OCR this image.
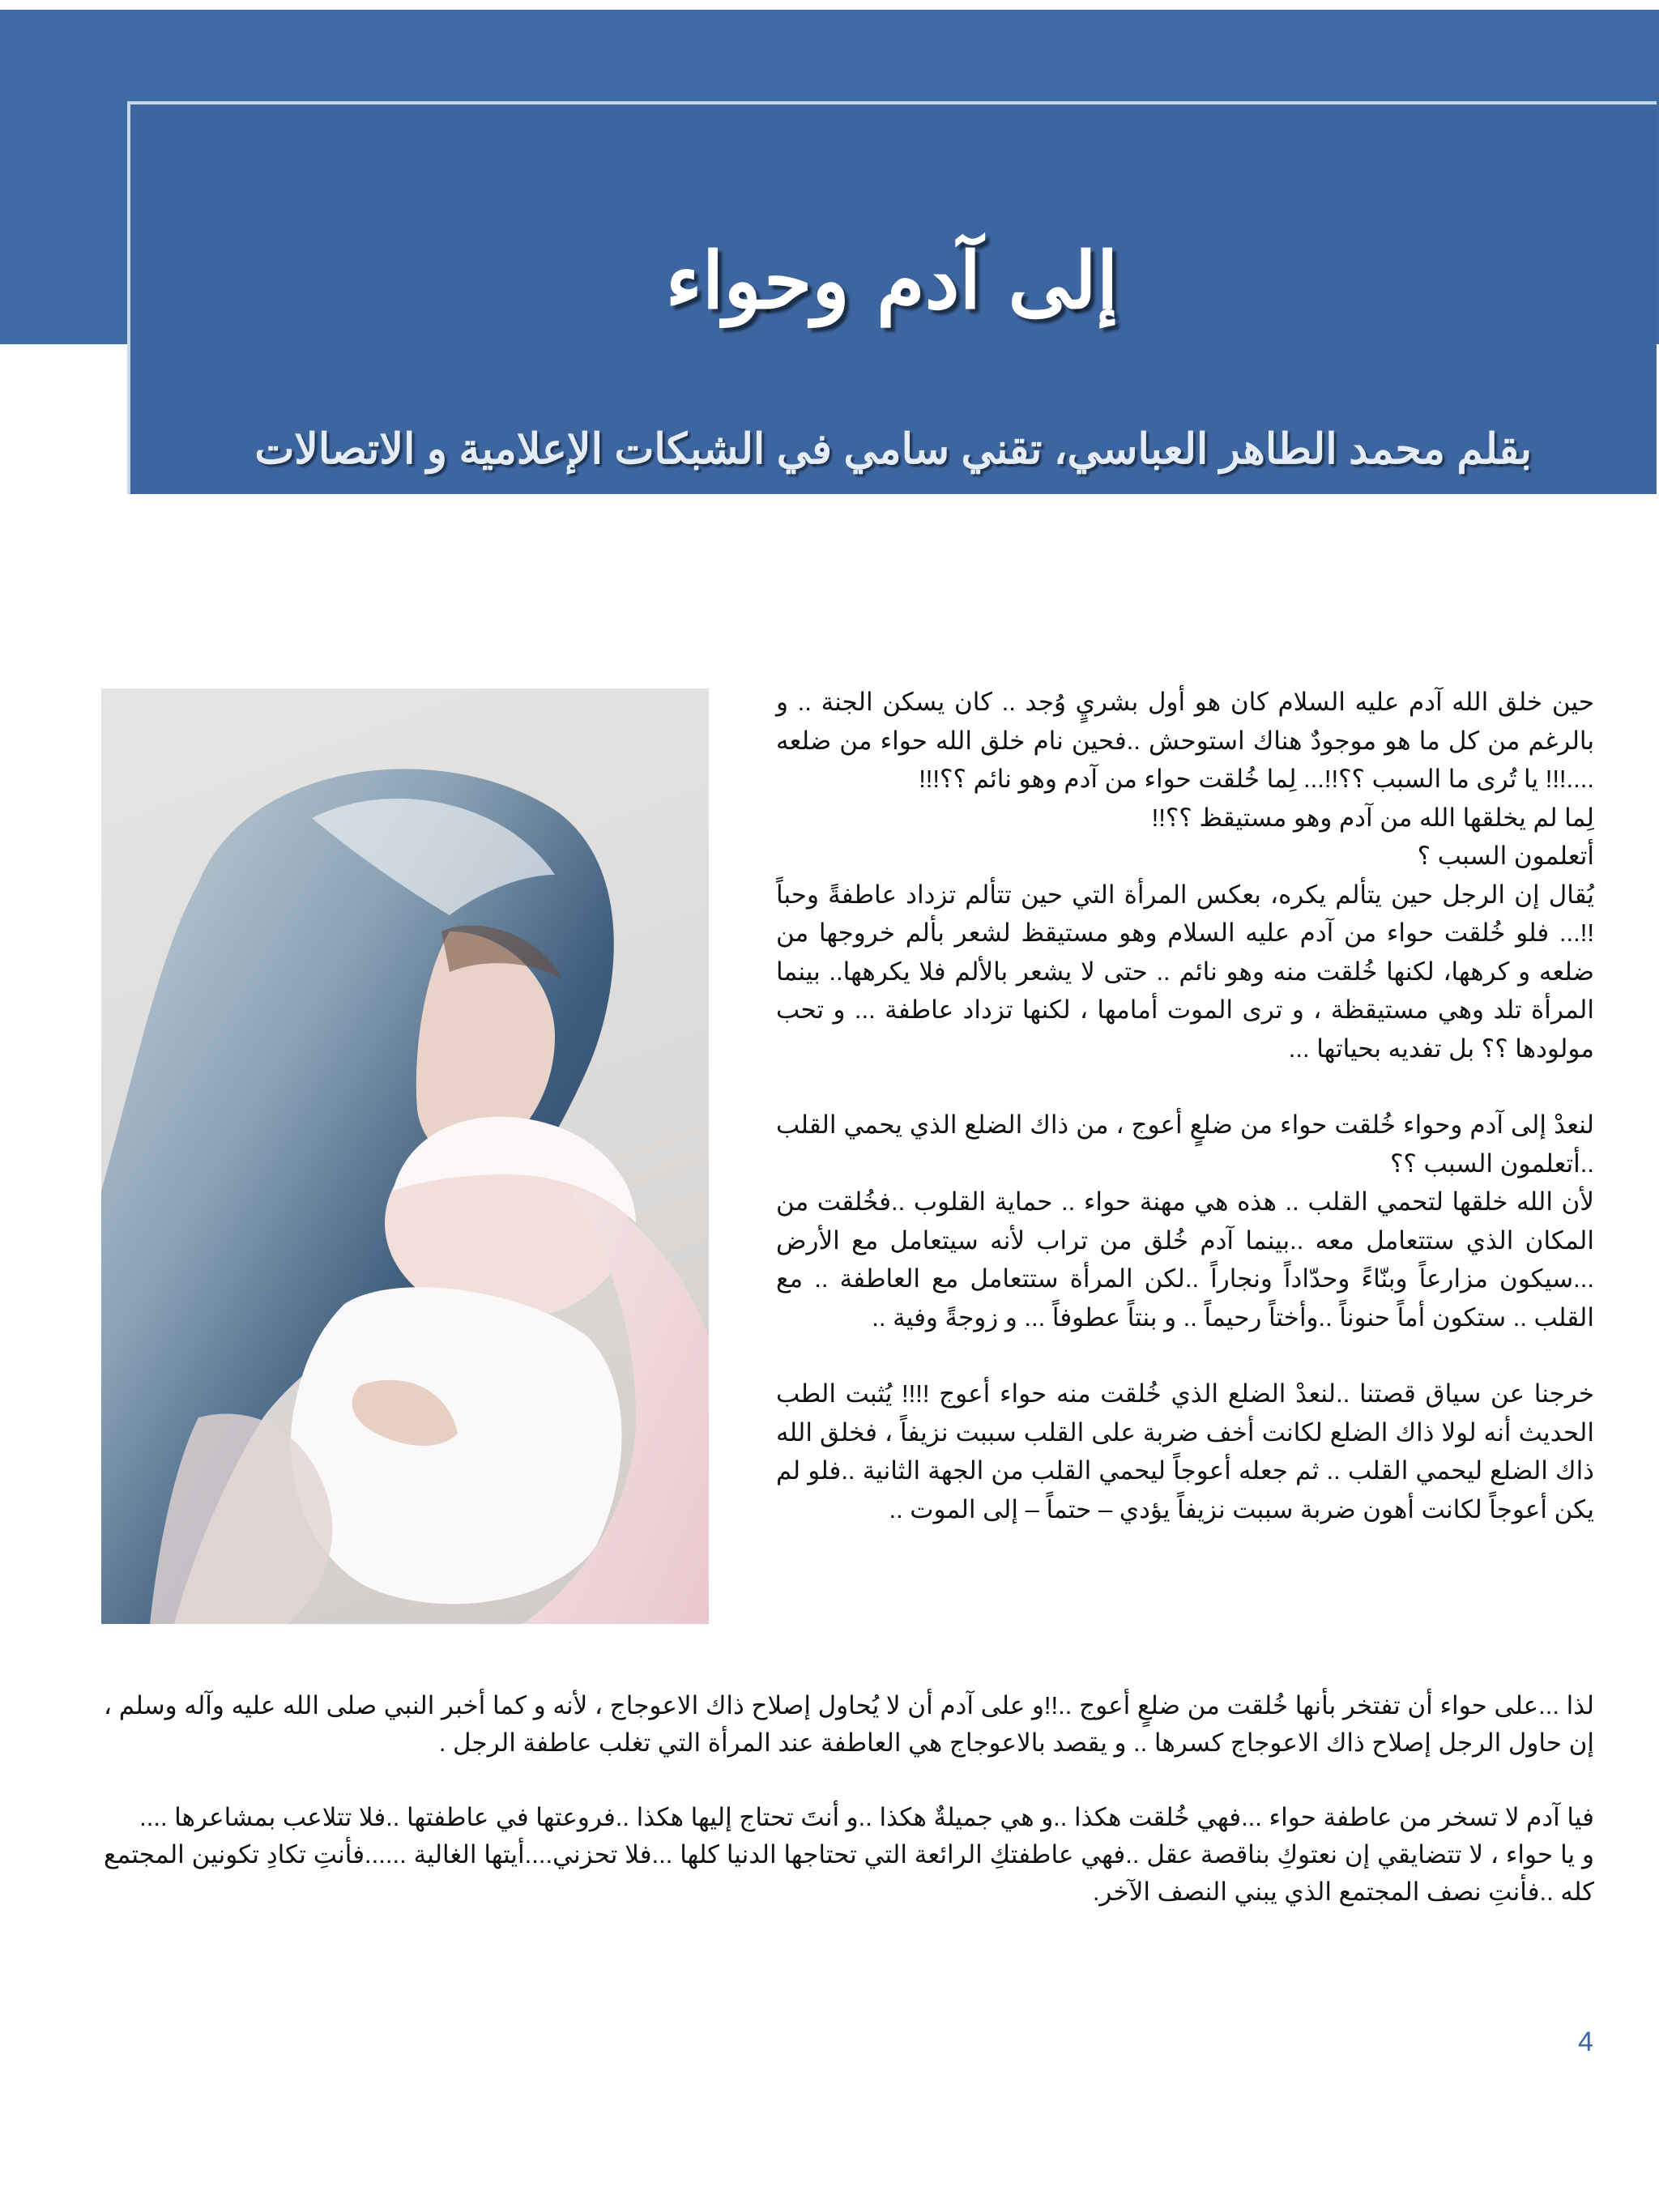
إلى آدم وحواء
بقلم محمد الطاهر العباسي، تقني سامي في الشبكات الإعلامية و الاتصالات

حين خلق الله آدم عليه السلام كان هو أول بشريٍ وُجد .. كان يسكن الجنة .. و بالرغم من كل ما هو موجودٌ هناك استوحش ..فحين نام خلق الله حواء من ضلعه ....!!! يا تُرى ما السبب ؟؟!!... لِما خُلقت حواء من آدم وهو نائم ؟؟!!!

لِما لم يخلقها الله من آدم وهو مستيقظ ؟؟!!

أتعلمون السبب ؟

يُقال إن الرجل حين يتألم يكره، بعكس المرأة التي حين تتألم تزداد عاطفةً وحباً !!... فلو خُلقت حواء من آدم عليه السلام وهو مستيقظ لشعر بألم خروجها من ضلعه و كرهها، لكنها خُلقت منه وهو نائم .. حتى لا يشعر بالألم فلا يكرهها.. بينما المرأة تلد وهي مستيقظة ، و ترى الموت أمامها ، لكنها تزداد عاطفة ... و تحب مولودها ؟؟ بل تفديه بحياتها ...

لنعدْ إلى آدم وحواء خُلقت حواء من ضلعٍ أعوج ، من ذاك الضلع الذي يحمي القلب ..أتعلمون السبب ؟؟

لأن الله خلقها لتحمي القلب .. هذه هي مهنة حواء .. حماية القلوب ..فخُلقت من المكان الذي ستتعامل معه ..بينما آدم خُلق من تراب لأنه سيتعامل مع الأرض ...سيكون مزارعاً وبنّاءً وحدّاداً ونجاراً ..لكن المرأة ستتعامل مع العاطفة .. مع القلب .. ستكون أماً حنوناً ..وأختاً رحيماً .. و بنتاً عطوفاً ... و زوجةً وفية ..

خرجنا عن سياق قصتنا ..لنعدْ الضلع الذي خُلقت منه حواء أعوج !!!! يُثبت الطب الحديث أنه لولا ذاك الضلع لكانت أخف ضربة على القلب سببت نزيفاً ، فخلق الله ذاك الضلع ليحمي القلب .. ثم جعله أعوجاً ليحمي القلب من الجهة الثانية ..فلو لم يكن أعوجاً لكانت أهون ضربة سببت نزيفاً يؤدي – حتماً – إلى الموت ..

لذا ...على حواء أن تفتخر بأنها خُلقت من ضلعٍ أعوج ..!!و على آدم أن لا يُحاول إصلاح ذاك الاعوجاج ، لأنه و كما أخبر النبي صلى الله عليه وآله وسلم ، إن حاول الرجل إصلاح ذاك الاعوجاج كسرها .. و يقصد بالاعوجاج هي العاطفة عند المرأة التي تغلب عاطفة الرجل .

فيا آدم لا تسخر من عاطفة حواء ...فهي خُلقت هكذا ..و هي جميلةٌ هكذا ..و أنتَ تحتاج إليها هكذا ..فروعتها في عاطفتها ..فلا تتلاعب بمشاعرها ....

و يا حواء ، لا تتضايقي إن نعتوكِ بناقصة عقل ..فهي عاطفتكِ الرائعة التي تحتاجها الدنيا كلها ...فلا تحزني....أيتها الغالية ......فأنتِ تكادِ تكونين المجتمع كله ..فأنتِ نصف المجتمع الذي يبني النصف الآخر.

4
